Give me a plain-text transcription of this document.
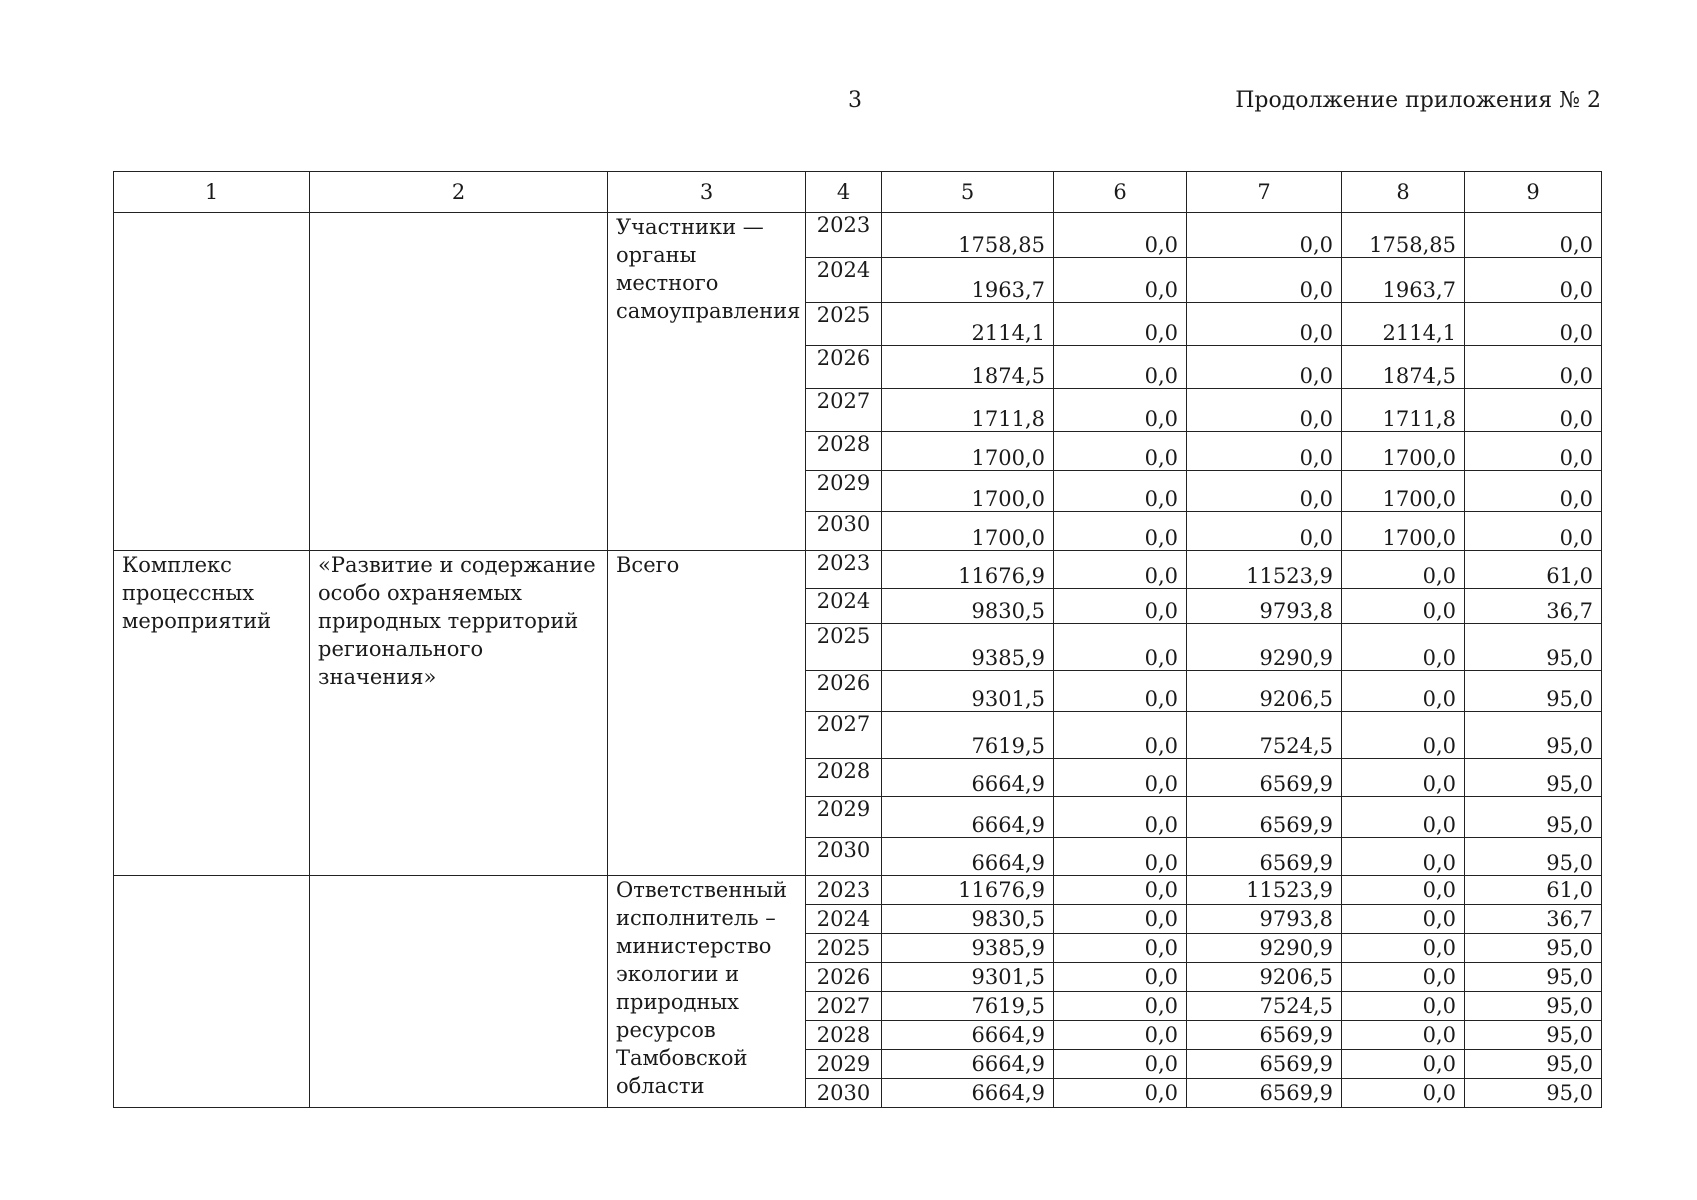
3	Продолжение приложения № 2
1	2	3	4	5	6	7	8	9
		Участники — органы местного самоуправления	2023	1758,85	0,0	0,0	1758,85	0,0
			2024	1963,7	0,0	0,0	1963,7	0,0
			2025	2114,1	0,0	0,0	2114,1	0,0
			2026	1874,5	0,0	0,0	1874,5	0,0
			2027	1711,8	0,0	0,0	1711,8	0,0
			2028	1700,0	0,0	0,0	1700,0	0,0
			2029	1700,0	0,0	0,0	1700,0	0,0
			2030	1700,0	0,0	0,0	1700,0	0,0
Комплекс процессных мероприятий	«Развитие и содержание особо охраняемых природных территорий регионального значения»	Всего	2023	11676,9	0,0	11523,9	0,0	61,0
			2024	9830,5	0,0	9793,8	0,0	36,7
			2025	9385,9	0,0	9290,9	0,0	95,0
			2026	9301,5	0,0	9206,5	0,0	95,0
			2027	7619,5	0,0	7524,5	0,0	95,0
			2028	6664,9	0,0	6569,9	0,0	95,0
			2029	6664,9	0,0	6569,9	0,0	95,0
			2030	6664,9	0,0	6569,9	0,0	95,0
		Ответственный исполнитель – министерство экологии и природных ресурсов Тамбовской области	2023	11676,9	0,0	11523,9	0,0	61,0
			2024	9830,5	0,0	9793,8	0,0	36,7
			2025	9385,9	0,0	9290,9	0,0	95,0
			2026	9301,5	0,0	9206,5	0,0	95,0
			2027	7619,5	0,0	7524,5	0,0	95,0
			2028	6664,9	0,0	6569,9	0,0	95,0
			2029	6664,9	0,0	6569,9	0,0	95,0
			2030	6664,9	0,0	6569,9	0,0	95,0
